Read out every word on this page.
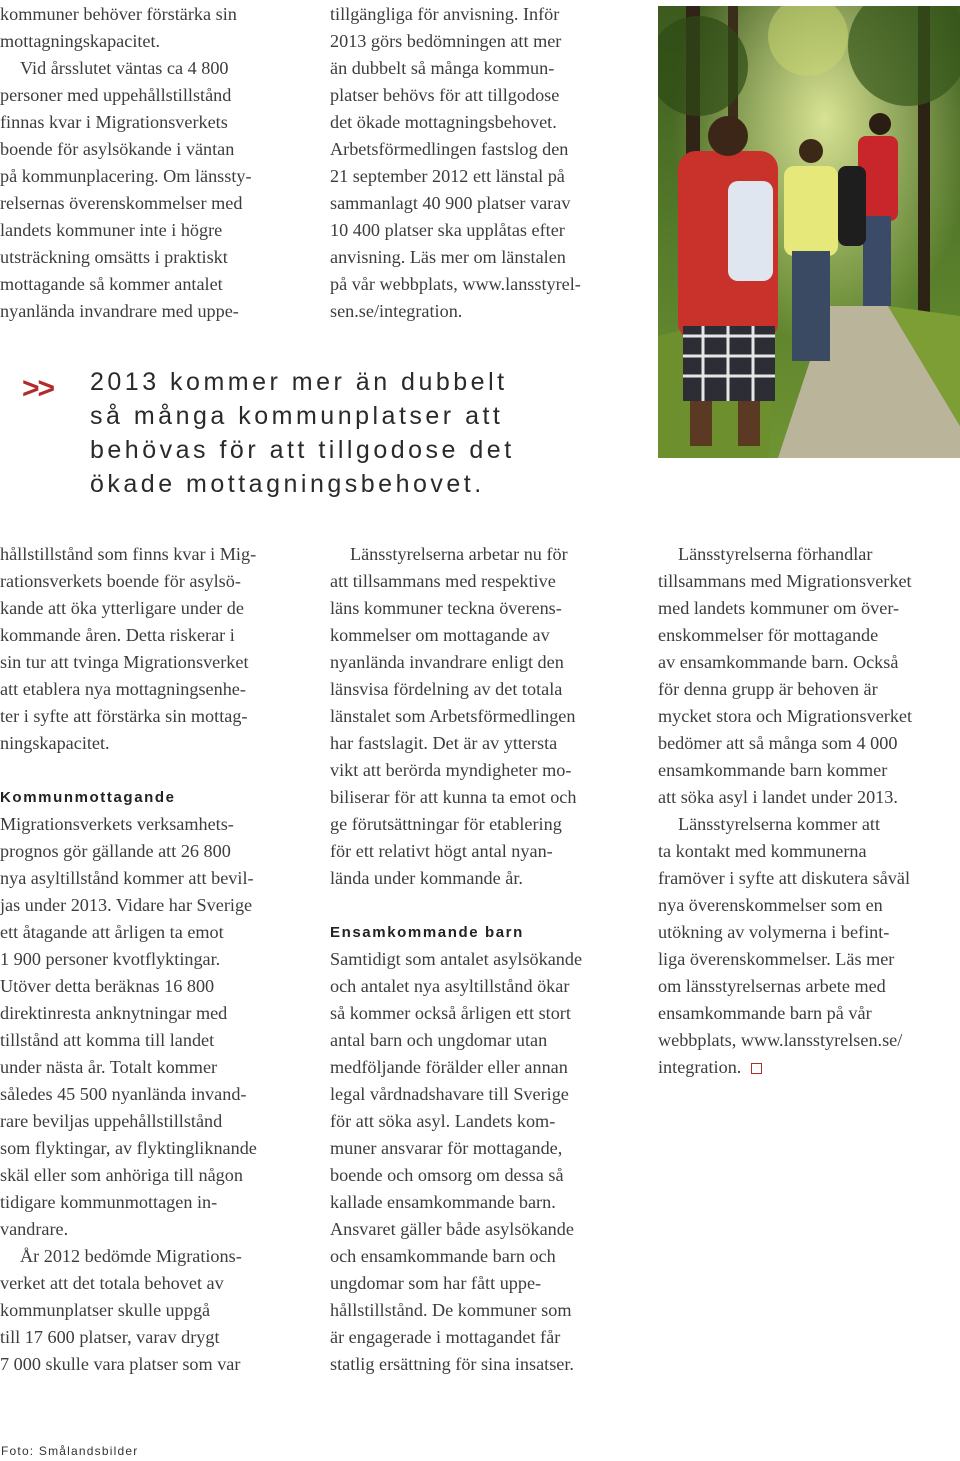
kommuner behöver förstärka sin
mottagningskapacitet.
Vid årsslutet väntas ca 4 800
personer med uppehållstillstånd
finnas kvar i Migrationsverkets
boende för asylsökande i väntan
på kommunplacering. Om länssty-
relsernas överenskommelser med
landets kommuner inte i högre
utsträckning omsätts i praktiskt
mottagande så kommer antalet
nyanlända invandrare med uppe-
tillgängliga för anvisning. Inför
2013 görs bedömningen att mer
än dubbelt så många kommun-
platser behövs för att tillgodose
det ökade mottagningsbehovet.
Arbetsförmedlingen fastslog den
21 september 2012 ett länstal på
sammanlagt 40 900 platser varav
10 400 platser ska upplåtas efter
anvisning. Läs mer om länstalen
på vår webbplats, www.lansstyrel-
sen.se/integration.
>> 2013 kommer mer än dubbelt
så många kommunplatser att
behövas för att tillgodose det
ökade mottagningsbehovet.
hållstillstånd som finns kvar i Mig-
rationsverkets boende för asylsö-
kande att öka ytterligare under de
kommande åren. Detta riskerar i
sin tur att tvinga Migrationsverket
att etablera nya mottagningsenhe-
ter i syfte att förstärka sin mottag-
ningskapacitet.
Kommunmottagande
Migrationsverkets verksamhets-
prognos gör gällande att 26 800
nya asyltillstånd kommer att bevil-
jas under 2013. Vidare har Sverige
ett åtagande att årligen ta emot
1 900 personer kvotflyktingar.
Utöver detta beräknas 16 800
direktinresta anknytningar med
tillstånd att komma till landet
under nästa år. Totalt kommer
således 45 500 nyanlända invand-
rare beviljas uppehållstillstånd
som flyktingar, av flyktingliknande
skäl eller som anhöriga till någon
tidigare kommunmottagen in-
vandrare.
År 2012 bedömde Migrations-
verket att det totala behovet av
kommunplatser skulle uppgå
till 17 600 platser, varav drygt
7 000 skulle vara platser som var
Länsstyrelserna arbetar nu för
att tillsammans med respektive
läns kommuner teckna överens-
kommelser om mottagande av
nyanlända invandrare enligt den
länsvisa fördelning av det totala
länstalet som Arbetsförmedlingen
har fastslagit. Det är av yttersta
vikt att berörda myndigheter mo-
biliserar för att kunna ta emot och
ge förutsättningar för etablering
för ett relativt högt antal nyan-
lända under kommande år.
Ensamkommande barn
Samtidigt som antalet asylsökande
och antalet nya asyltillstånd ökar
så kommer också årligen ett stort
antal barn och ungdomar utan
medföljande förälder eller annan
legal vårdnadshavare till Sverige
för att söka asyl. Landets kom-
muner ansvarar för mottagande,
boende och omsorg om dessa så
kallade ensamkommande barn.
Ansvaret gäller både asylsökande
och ensamkommande barn och
ungdomar som har fått uppe-
hållstillstånd. De kommuner som
är engagerade i mottagandet får
statlig ersättning för sina insatser.
Länsstyrelserna förhandlar
tillsammans med Migrationsverket
med landets kommuner om över-
enskommelser för mottagande
av ensamkommande barn. Också
för denna grupp är behoven är
mycket stora och Migrationsverket
bedömer att så många som 4 000
ensamkommande barn kommer
att söka asyl i landet under 2013.
Länsstyrelserna kommer att
ta kontakt med kommunerna
framöver i syfte att diskutera såväl
nya överenskommelser som en
utökning av volymerna i befint-
liga överenskommelser. Läs mer
om länsstyrelsernas arbete med
ensamkommande barn på vår
webbplats, www.lansstyrelsen.se/
integration.
Foto: Smålandsbilder
